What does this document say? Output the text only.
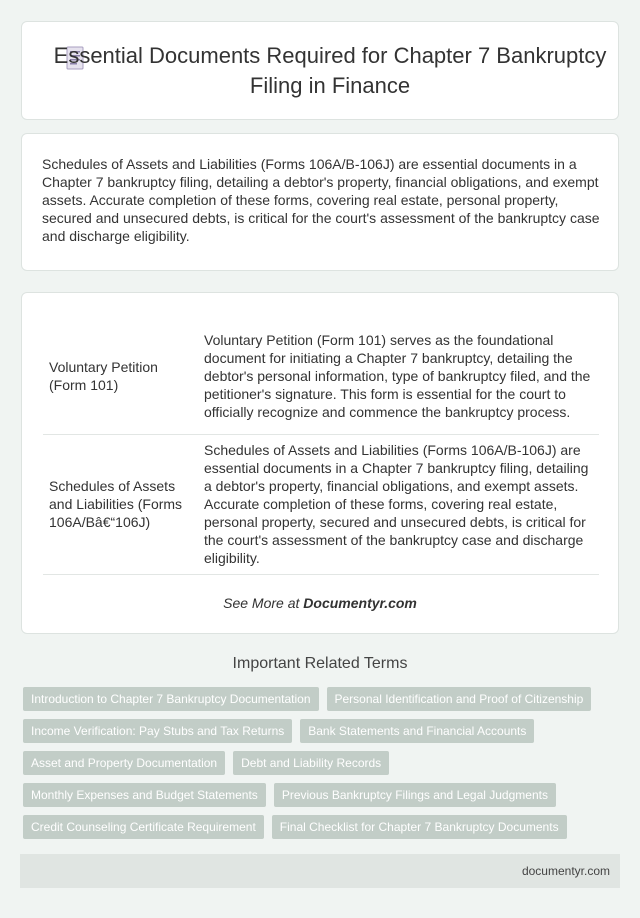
Essential Documents Required for Chapter 7 Bankruptcy Filing in Finance

Schedules of Assets and Liabilities (Forms 106A/B-106J) are essential documents in a Chapter 7 bankruptcy filing, detailing a debtor's property, financial obligations, and exempt assets. Accurate completion of these forms, covering real estate, personal property, secured and unsecured debts, is critical for the court's assessment of the bankruptcy case and discharge eligibility.

Voluntary Petition (Form 101)	Voluntary Petition (Form 101) serves as the foundational document for initiating a Chapter 7 bankruptcy, detailing the debtor's personal information, type of bankruptcy filed, and the petitioner's signature. This form is essential for the court to officially recognize and commence the bankruptcy process.
Schedules of Assets and Liabilities (Forms 106A/Bâ€“106J)	Schedules of Assets and Liabilities (Forms 106A/B-106J) are essential documents in a Chapter 7 bankruptcy filing, detailing a debtor's property, financial obligations, and exempt assets. Accurate completion of these forms, covering real estate, personal property, secured and unsecured debts, is critical for the court's assessment of the bankruptcy case and discharge eligibility.
See More at Documentyr.com
Important Related Terms
Introduction to Chapter 7 Bankruptcy Documentation	Personal Identification and Proof of Citizenship
Income Verification: Pay Stubs and Tax Returns	Bank Statements and Financial Accounts
Asset and Property Documentation	Debt and Liability Records
Monthly Expenses and Budget Statements	Previous Bankruptcy Filings and Legal Judgments
Credit Counseling Certificate Requirement	Final Checklist for Chapter 7 Bankruptcy Documents
documentyr.com
